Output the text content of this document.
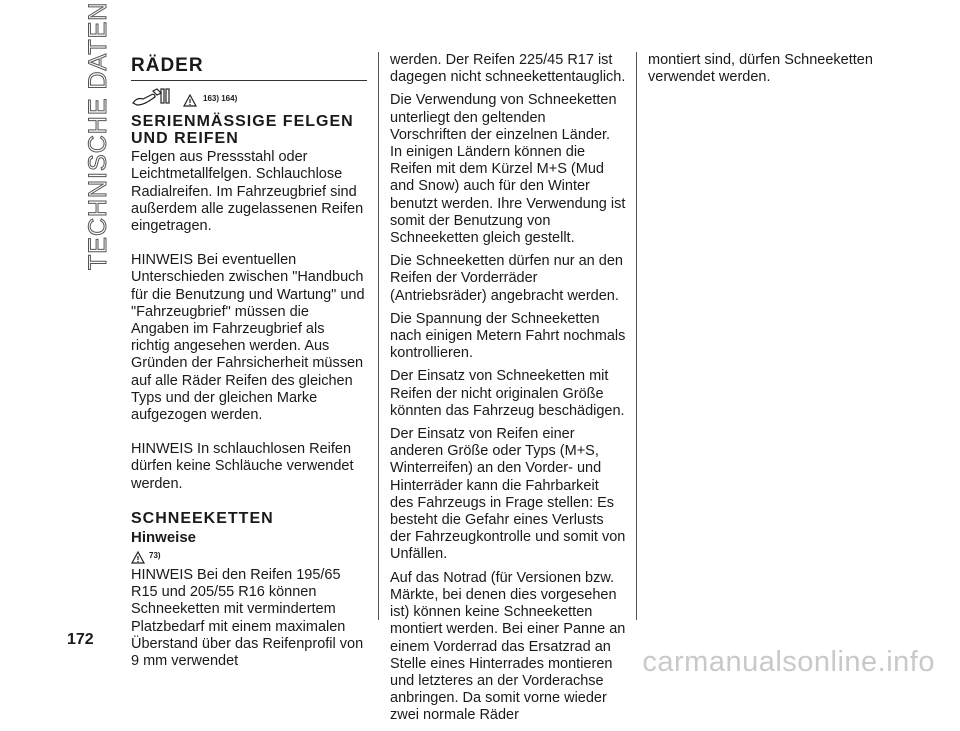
TECHNISCHE DATEN RÄDER
163) 164)
SERIENMÄSSIGE FELGEN UND REIFEN

Felgen aus Pressstahl oder Leichtmetallfelgen. Schlauchlose Radialreifen. Im Fahrzeugbrief sind außerdem alle zugelassenen Reifen eingetragen.

HINWEIS Bei eventuellen Unterschieden zwischen "Handbuch für die Benutzung und Wartung" und "Fahrzeugbrief" müssen die Angaben im Fahrzeugbrief als richtig angesehen werden. Aus Gründen der Fahrsicherheit müssen auf alle Räder Reifen des gleichen Typs und der gleichen Marke aufgezogen werden.

HINWEIS In schlauchlosen Reifen dürfen keine Schläuche verwendet werden.

SCHNEEKETTEN
Hinweise
73)

HINWEIS Bei den Reifen 195/65 R15 und 205/55 R16 können Schneeketten mit vermindertem Platzbedarf mit einem maximalen Überstand über das Reifenprofil von 9 mm verwendet

werden. Der Reifen 225/45 R17 ist dagegen nicht schneekettentauglich.

Die Verwendung von Schneeketten unterliegt den geltenden Vorschriften der einzelnen Länder. In einigen Ländern können die Reifen mit dem Kürzel M+S (Mud and Snow) auch für den Winter benutzt werden. Ihre Verwendung ist somit der Benutzung von Schneeketten gleich gestellt.

Die Schneeketten dürfen nur an den Reifen der Vorderräder (Antriebsräder) angebracht werden.

Die Spannung der Schneeketten nach einigen Metern Fahrt nochmals kontrollieren.

Der Einsatz von Schneeketten mit Reifen der nicht originalen Größe könnten das Fahrzeug beschädigen.

Der Einsatz von Reifen einer anderen Größe oder Typs (M+S, Winterreifen) an den Vorder- und Hinterräder kann die Fahrbarkeit des Fahrzeugs in Frage stellen: Es besteht die Gefahr eines Verlusts der Fahrzeugkontrolle und somit von Unfällen.

Auf das Notrad (für Versionen bzw. Märkte, bei denen dies vorgesehen ist) können keine Schneeketten montiert werden. Bei einer Panne an einem Vorderrad das Ersatzrad an Stelle eines Hinterrades montieren und letzteres an der Vorderachse anbringen. Da somit vorne wieder zwei normale Räder

montiert sind, dürfen Schneeketten verwendet werden.

172
carmanualsonline.info
